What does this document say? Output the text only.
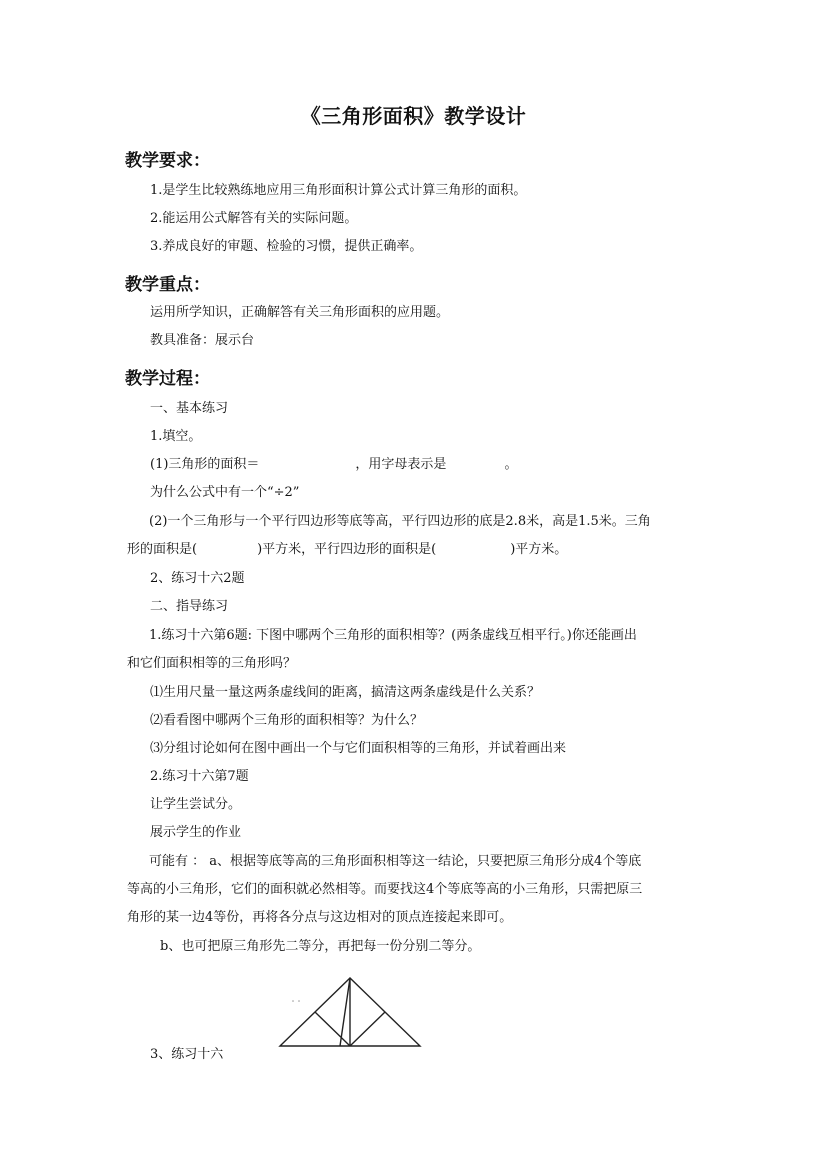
《三角形面积》教学设计
教学要求：
1.是学生比较熟练地应用三角形面积计算公式计算三角形的面积。
2.能运用公式解答有关的实际问题。
3.养成良好的审题、检验的习惯，提供正确率。
教学重点：
运用所学知识，正确解答有关三角形面积的应用题。
教具准备：展示台
教学过程：
一、基本练习
1.填空。
(1)三角形的面积＝	，用字母表示是	。
为什么公式中有一个“÷2”
(2)一个三角形与一个平行四边形等底等高，平行四边形的底是2.8米，高是1.5米。三角
形的面积是(	)平方米，平行四边形的面积是(	)平方米。
2、练习十六2题
二、指导练习
1.练习十六第6题: 下图中哪两个三角形的面积相等？(两条虚线互相平行。)你还能画出
和它们面积相等的三角形吗？
⑴生用尺量一量这两条虚线间的距离，搞清这两条虚线是什么关系？
⑵看看图中哪两个三角形的面积相等？为什么？
⑶分组讨论如何在图中画出一个与它们面积相等的三角形，并试着画出来
2.练习十六第7题
让学生尝试分。
展示学生的作业
可能有 ： a、根据等底等高的三角形面积相等这一结论，只要把原三角形分成4个等底
等高的小三角形，它们的面积就必然相等。而要找这4个等底等高的小三角形，只需把原三
角形的某一边4等份，再将各分点与这边相对的顶点连接起来即可。
b、也可把原三角形先二等分，再把每一份分别二等分。
3、练习十六
